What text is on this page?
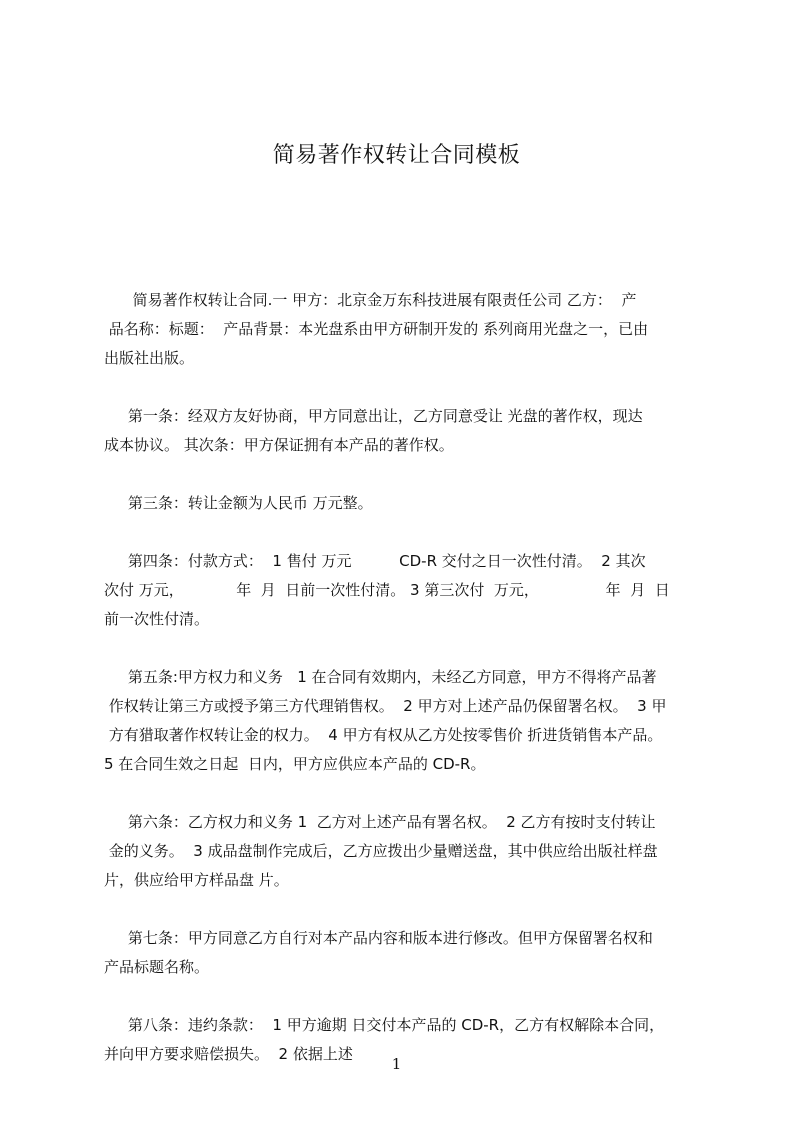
简易著作权转让合同模板

简易著作权转让合同.一 甲方：北京金万东科技进展有限责任公司 乙方：  产
品名称：标题：  产品背景：本光盘系由甲方研制开发的 系列商用光盘之一，已由
出版社出版。

第一条：经双方友好协商，甲方同意出让，乙方同意受让 光盘的著作权，现达
成本协议。 其次条：甲方保证拥有本产品的著作权。

第三条：转让金额为人民币 万元整。

第四条：付款方式：  1 售付 万元          CD-R 交付之日一次性付清。  2 其次
次付 万元，           年  月  日前一次性付清。 3 第三次付  万元，              年  月  日
前一次性付清。

第五条:甲方权力和义务   1 在合同有效期内，未经乙方同意，甲方不得将产品著
作权转让第三方或授予第三方代理销售权。  2 甲方对上述产品仍保留署名权。  3 甲
方有猎取著作权转让金的权力。  4 甲方有权从乙方处按零售价 折进货销售本产品。
5 在合同生效之日起  日内，甲方应供应本产品的 CD-R。

第六条：乙方权力和义务 1  乙方对上述产品有署名权。  2 乙方有按时支付转让
金的义务。  3 成品盘制作完成后，乙方应拨出少量赠送盘，其中供应给出版社样盘
片，供应给甲方样品盘 片。

第七条：甲方同意乙方自行对本产品内容和版本进行修改。但甲方保留署名权和
产品标题名称。

第八条：违约条款：  1 甲方逾期 日交付本产品的 CD-R，乙方有权解除本合同，
并向甲方要求赔偿损失。  2 依据上述

1
